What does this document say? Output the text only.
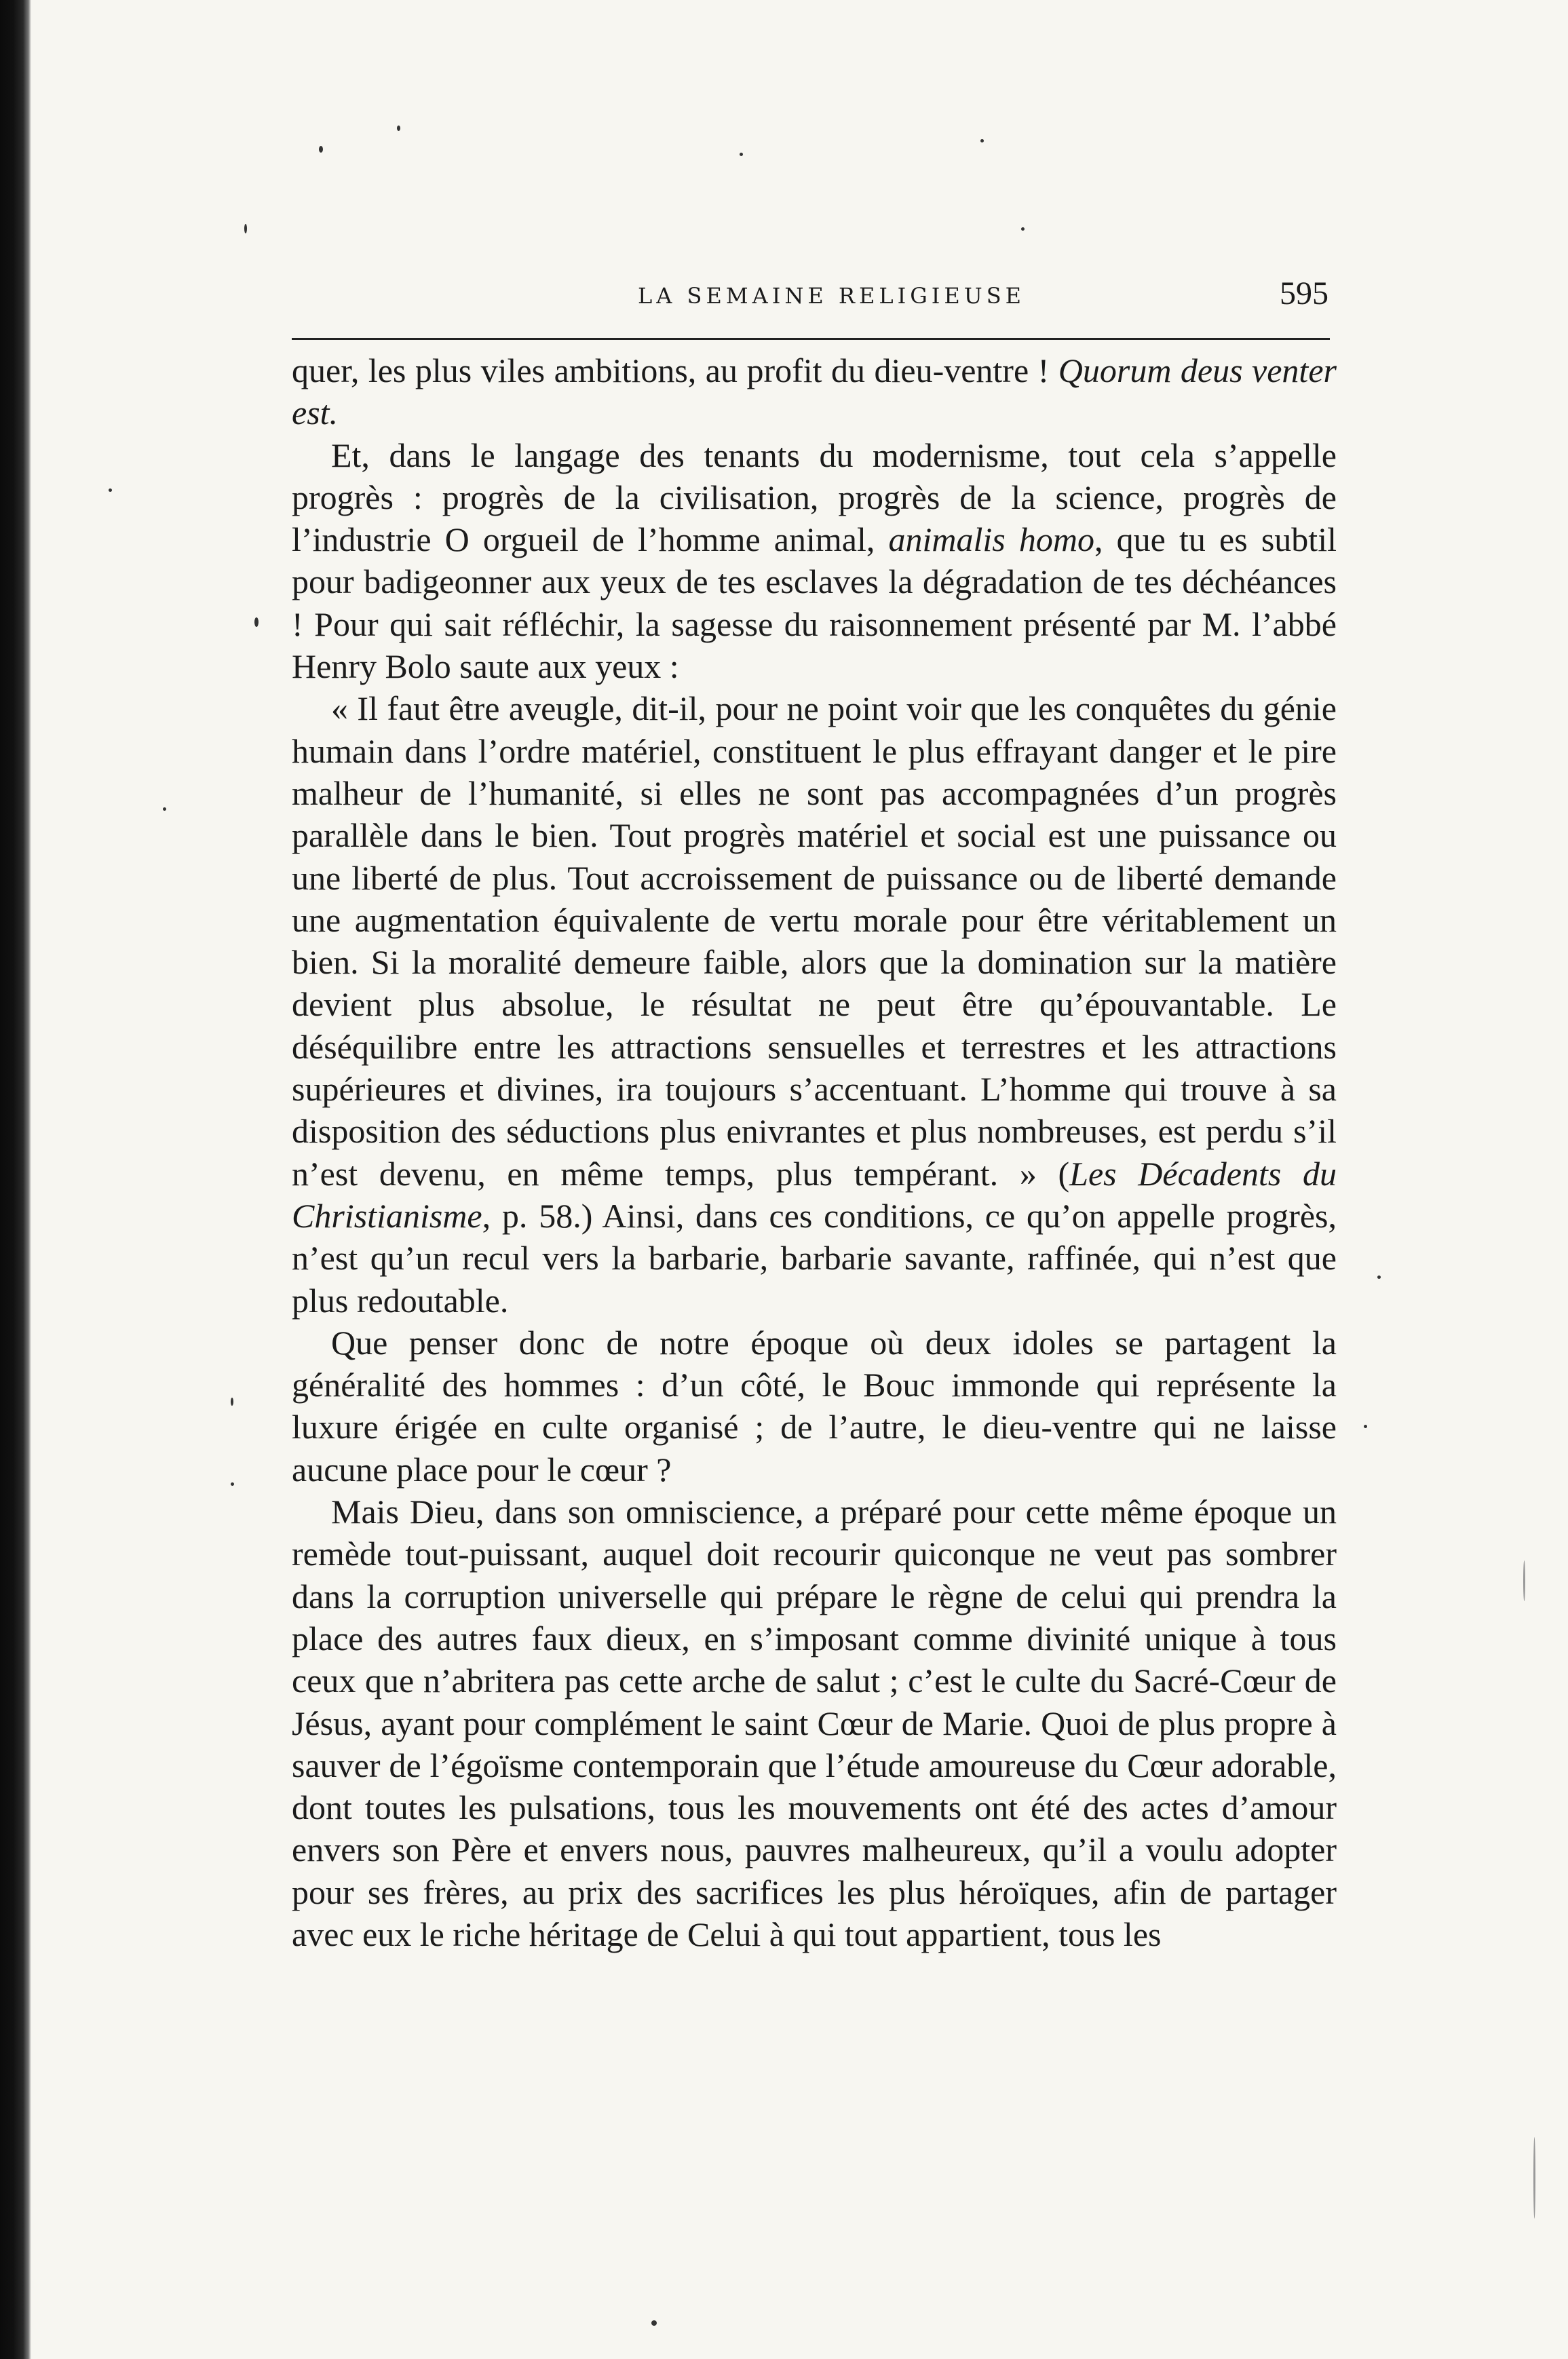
LA SEMAINE RELIGIEUSE	595

quer, les plus viles ambitions, au profit du dieu-ventre ! Quorum deus venter est.

Et, dans le langage des tenants du modernisme, tout cela s’appelle progrès : progrès de la civilisation, progrès de la science, progrès de l’industrie O orgueil de l’homme animal, animalis homo, que tu es subtil pour badigeonner aux yeux de tes esclaves la dégradation de tes déchéances ! Pour qui sait réfléchir, la sagesse du raisonnement présenté par M. l’abbé Henry Bolo saute aux yeux :

« Il faut être aveugle, dit-il, pour ne point voir que les conquêtes du génie humain dans l’ordre matériel, constituent le plus effrayant danger et le pire malheur de l’humanité, si elles ne sont pas accompagnées d’un progrès parallèle dans le bien. Tout progrès matériel et social est une puissance ou une liberté de plus. Tout accroissement de puissance ou de liberté demande une augmentation équivalente de vertu morale pour être véritablement un bien. Si la moralité demeure faible, alors que la domination sur la matière devient plus absolue, le résultat ne peut être qu’épouvantable. Le déséquilibre entre les attractions sensuelles et terrestres et les attractions supérieures et divines, ira toujours s’accentuant. L’homme qui trouve à sa disposition des séductions plus enivrantes et plus nombreuses, est perdu s’il n’est devenu, en même temps, plus tempérant. » (Les Décadents du Christianisme, p. 58.) Ainsi, dans ces conditions, ce qu’on appelle progrès, n’est qu’un recul vers la barbarie, barbarie savante, raffinée, qui n’est que plus redoutable.

Que penser donc de notre époque où deux idoles se partagent la généralité des hommes : d’un côté, le Bouc immonde qui représente la luxure érigée en culte organisé ; de l’autre, le dieu-ventre qui ne laisse aucune place pour le cœur ?

Mais Dieu, dans son omniscience, a préparé pour cette même époque un remède tout-puissant, auquel doit recourir quiconque ne veut pas sombrer dans la corruption universelle qui prépare le règne de celui qui prendra la place des autres faux dieux, en s’imposant comme divinité unique à tous ceux que n’abritera pas cette arche de salut ; c’est le culte du Sacré-Cœur de Jésus, ayant pour complément le saint Cœur de Marie. Quoi de plus propre à sauver de l’égoïsme contemporain que l’étude amoureuse du Cœur adorable, dont toutes les pulsations, tous les mouvements ont été des actes d’amour envers son Père et envers nous, pauvres malheureux, qu’il a voulu adopter pour ses frères, au prix des sacrifices les plus héroïques, afin de partager avec eux le riche héritage de Celui à qui tout appartient, tous les
